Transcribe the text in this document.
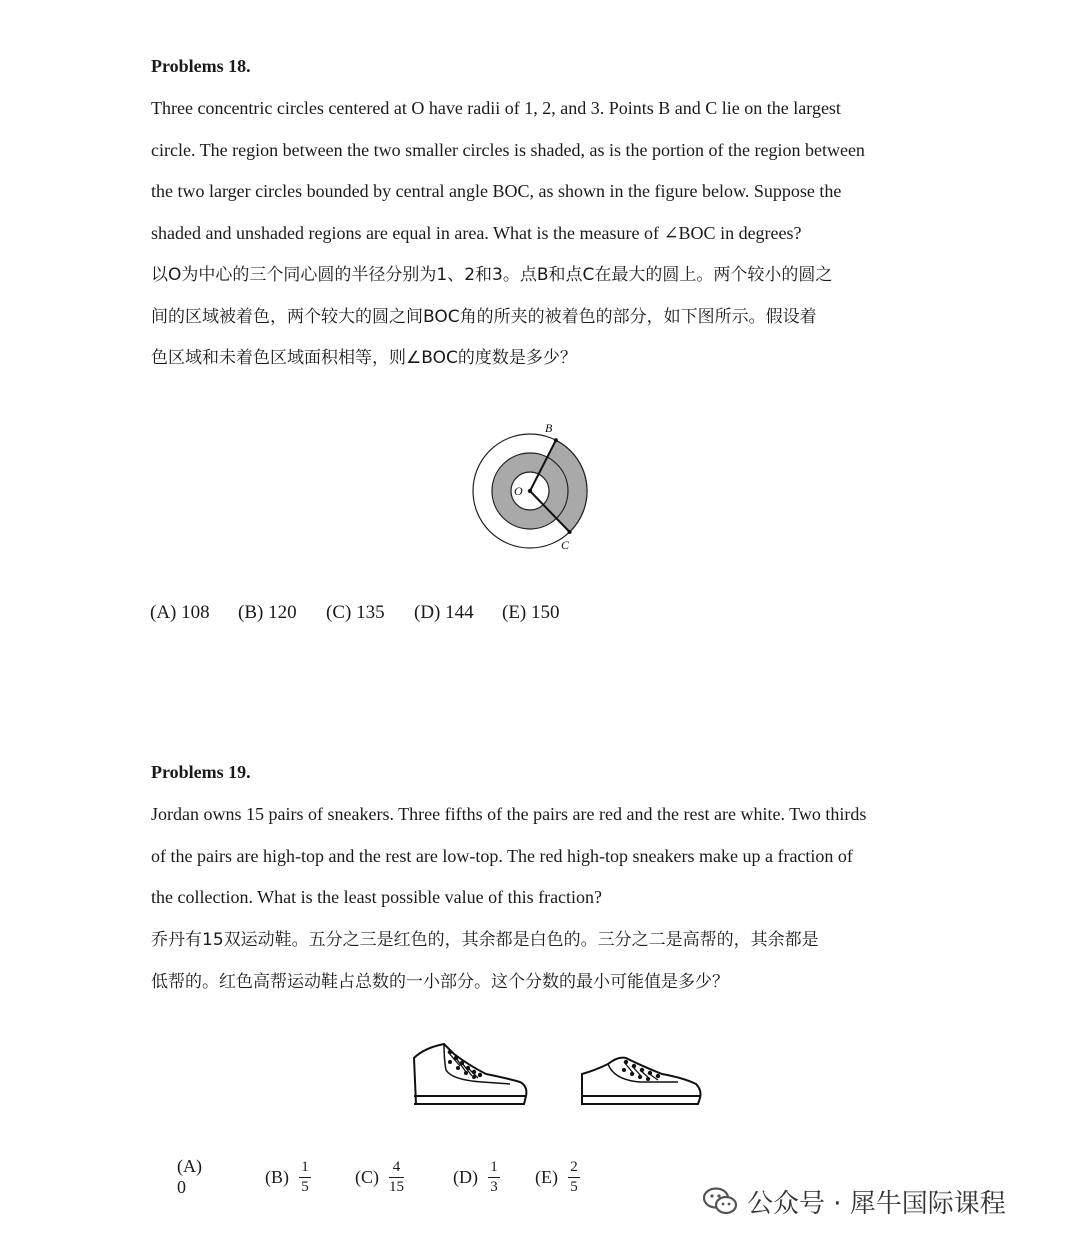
Problems 18.

Three concentric circles centered at O have radii of 1, 2, and 3. Points B and C lie on the largest
circle. The region between the two smaller circles is shaded, as is the portion of the region between
the two larger circles bounded by central angle BOC, as shown in the figure below. Suppose the
shaded and unshaded regions are equal in area. What is the measure of ∠BOC in degrees?

以O为中心的三个同心圆的半径分别为1、2和3。点B和点C在最大的圆上。两个较小的圆之
间的区域被着色，两个较大的圆之间BOC角的所夹的被着色的部分，如下图所示。假设着
色区域和未着色区域面积相等，则∠BOC的度数是多少？

B
C
O
(A) 108	(B) 120	(C) 135	(D) 144	(E) 150
Problems 19.

Jordan owns 15 pairs of sneakers. Three fifths of the pairs are red and the rest are white. Two thirds
of the pairs are high-top and the rest are low-top. The red high-top sneakers make up a fraction of
the collection. What is the least possible value of this fraction?

乔丹有15双运动鞋。五分之三是红色的，其余都是白色的。三分之二是高帮的，其余都是
低帮的。红色高帮运动鞋占总数的一小部分。这个分数的最小可能值是多少？

(A) 0
$(B) \frac{1}{5} (C) \frac{4}{15}$	$(D) \frac{1}{3} (E) \frac{2}{5}$
公众号 · 犀牛国际课程
